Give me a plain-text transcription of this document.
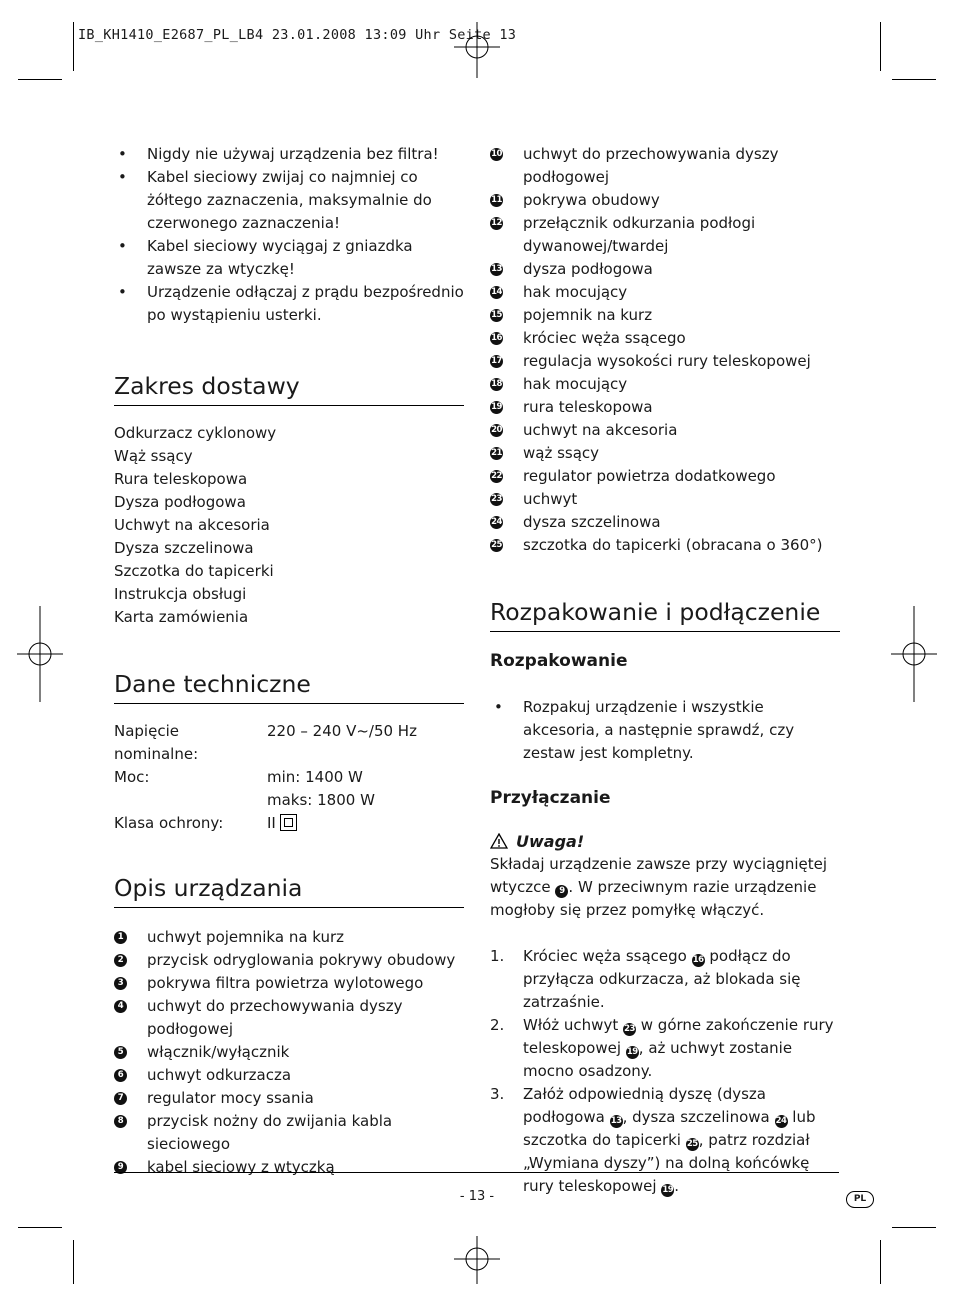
IB_KH1410_E2687_PL_LB4 23.01.2008 13:09 Uhr Seite 13
• Nigdy nie używaj urządzenia bez filtra!
• Kabel sieciowy zwijaj co najmniej co żółtego zaznaczenia, maksymalnie do czerwonego zaznaczenia!
• Kabel sieciowy wyciągaj z gniazdka zawsze za wtyczkę!
• Urządzenie odłączaj z prądu bezpośrednio po wystąpieniu usterki.
Zakres dostawy
Odkurzacz cyklonowy
Wąż ssący
Rura teleskopowa
Dysza podłogowa
Uchwyt na akcesoria
Dysza szczelinowa
Szczotka do tapicerki
Instrukcja obsługi
Karta zamówienia
Dane techniczne
Napięcie nominalne:
220 – 240 V~/50 Hz
Moc:	min: 1400 W
maks: 1800 W
Klasa ochrony:	II
Opis urządzania
1 uchwyt pojemnika na kurz
2 przycisk odryglowania pokrywy obudowy
3 pokrywa filtra powietrza wylotowego
4 uchwyt do przechowywania dyszy podłogowej
5 włącznik/wyłącznik
6 uchwyt odkurzacza
7 regulator mocy ssania
8 przycisk nożny do zwijania kabla sieciowego
9 kabel sieciowy z wtyczką
10 uchwyt do przechowywania dyszy podłogowej
11 pokrywa obudowy
12 przełącznik odkurzania podłogi dywanowej/twardej
13 dysza podłogowa
14 hak mocujący
15 pojemnik na kurz
16 króciec węża ssącego
17 regulacja wysokości rury teleskopowej
18 hak mocujący
19 rura teleskopowa
20 uchwyt na akcesoria
21 wąż ssący
22 regulator powietrza dodatkowego
23 uchwyt
24 dysza szczelinowa
25 szczotka do tapicerki (obracana o 360°)
Rozpakowanie i podłączenie
Rozpakowanie
• Rozpakuj urządzenie i wszystkie akcesoria, a następnie sprawdź, czy zestaw jest kompletny.
Przyłączanie
Uwaga!
Składaj urządzenie zawsze przy wyciągniętej wtyczce 9 . W przeciwnym razie urządzenie mogłoby się przez pomyłkę włączyć.
1. Króciec węża ssącego 16 podłącz do przyłącza odkurzacza, aż blokada się zatrzaśnie.
2. Włóż uchwyt 23 w górne zakończenie rury teleskopowej 19, aż uchwyt zostanie mocno osadzony.
3. Załóż odpowiednią dyszę (dysza podłogowa 13, dysza szczelinowa 24 lub szczotka do tapicerki 25, patrz rozdział „Wymiana dyszy”) na dolną końcówkę rury teleskopowej 19.
- 13 -	PL
